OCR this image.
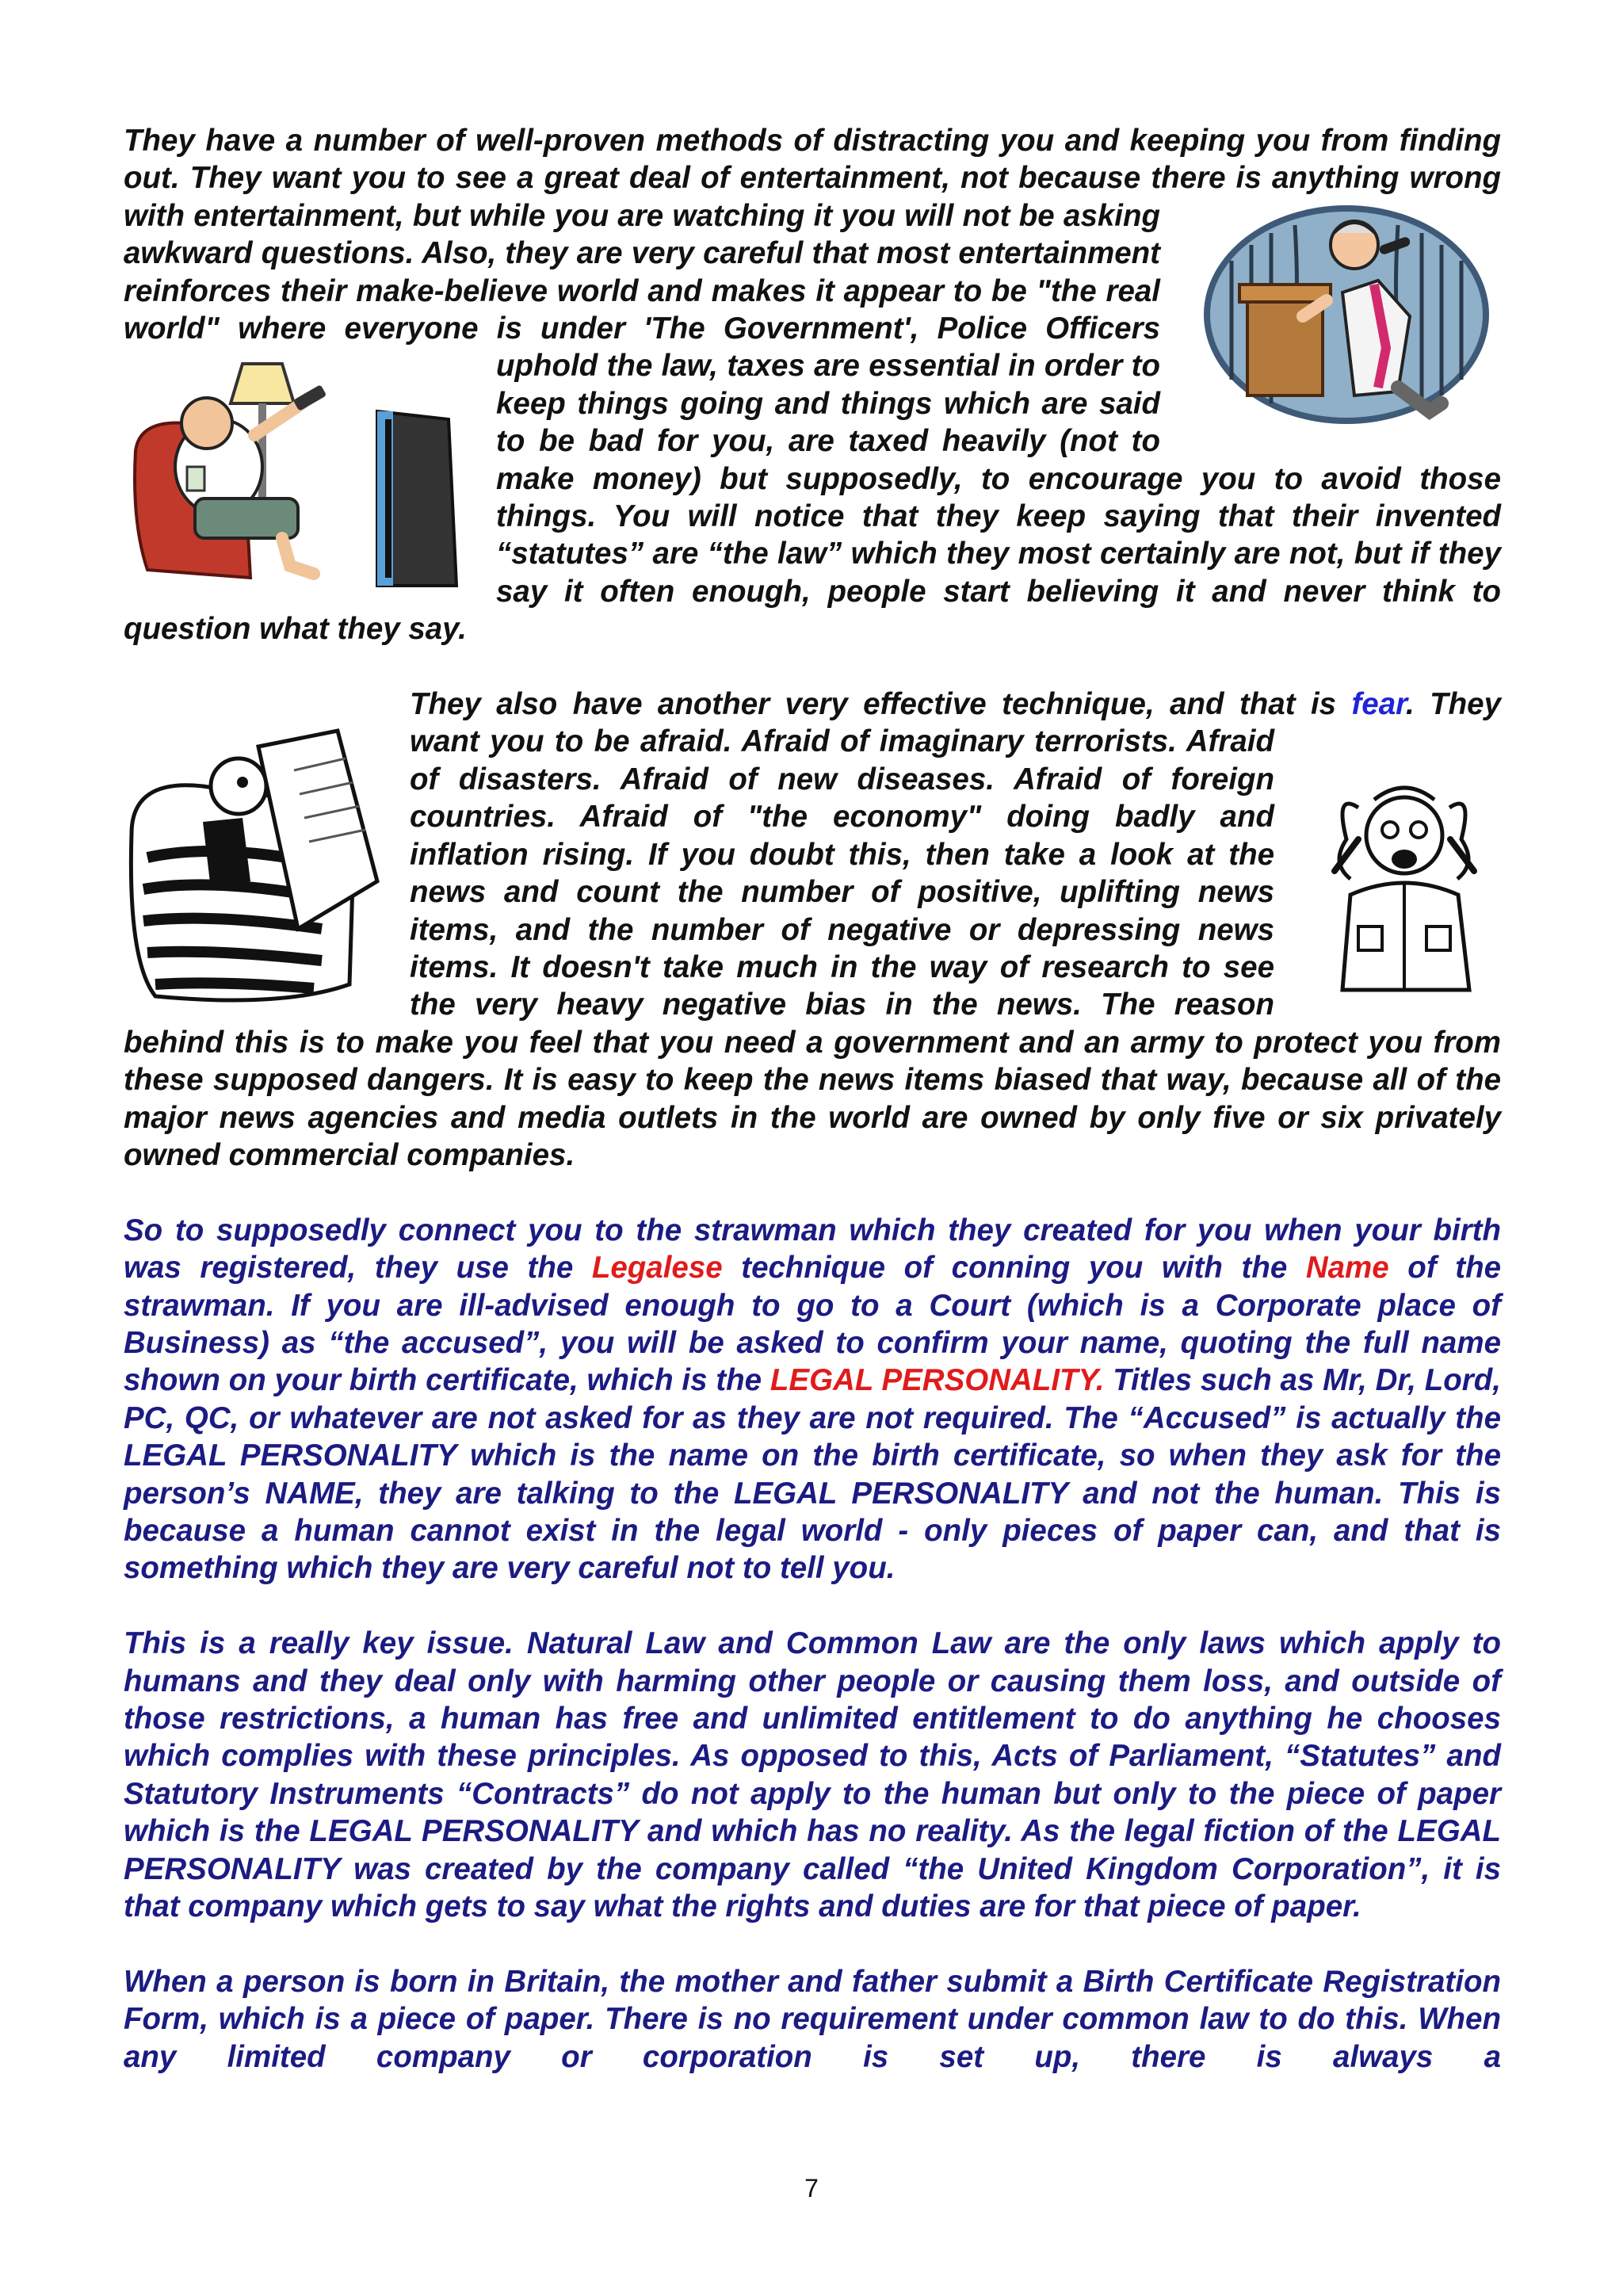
They have a number of well-proven methods of distracting you and keeping you from finding out. They want you to see a great deal of entertainment, not because there is anything wrong with entertainment, but while you are watching it you will not be asking awkward questions. Also, they are very careful that most entertainment reinforces their make-believe world and makes it appear to be "the real world" where everyone is under 'The Government', Police Officers uphold the law, taxes are essential in order to keep things going and things which are said to be bad for you, are taxed heavily (not to make money) but supposedly, to encourage you to avoid those things. You will notice that they keep saying that their invented “statutes” are “the law” which they most certainly are not, but if they say it often enough, people start believing it and never think to question what they say.

They also have another very effective technique, and that is fear. They want you to be afraid. Afraid of imaginary terrorists. Afraid of disasters. Afraid of new diseases. Afraid of foreign countries. Afraid of "the economy" doing badly and inflation rising. If you doubt this, then take a look at the news and count the number of positive, uplifting news items, and the number of negative or depressing news items. It doesn't take much in the way of research to see the very heavy negative bias in the news. The reason behind this is to make you feel that you need a government and an army to protect you from these supposed dangers. It is easy to keep the news items biased that way, because all of the major news agencies and media outlets in the world are owned by only five or six privately owned commercial companies.

So to supposedly connect you to the strawman which they created for you when your birth was registered, they use the Legalese technique of conning you with the Name of the strawman. If you are ill-advised enough to go to a Court (which is a Corporate place of Business) as “the accused”, you will be asked to confirm your name, quoting the full name shown on your birth certificate, which is the LEGAL PERSONALITY. Titles such as Mr, Dr, Lord, PC, QC, or whatever are not asked for as they are not required. The “Accused” is actually the LEGAL PERSONALITY which is the name on the birth certificate, so when they ask for the person’s NAME, they are talking to the LEGAL PERSONALITY and not the human. This is because a human cannot exist in the legal world - only pieces of paper can, and that is something which they are very careful not to tell you.

This is a really key issue. Natural Law and Common Law are the only laws which apply to humans and they deal only with harming other people or causing them loss, and outside of those restrictions, a human has free and unlimited entitlement to do anything he chooses which complies with these principles. As opposed to this, Acts of Parliament, “Statutes” and Statutory Instruments “Contracts” do not apply to the human but only to the piece of paper which is the LEGAL PERSONALITY and which has no reality. As the legal fiction of the LEGAL PERSONALITY was created by the company called “the United Kingdom Corporation”, it is that company which gets to say what the rights and duties are for that piece of paper.

When a person is born in Britain, the mother and father submit a Birth Certificate Registration Form, which is a piece of paper. There is no requirement under common law to do this. When any limited company or corporation is set up, there is always a

7
